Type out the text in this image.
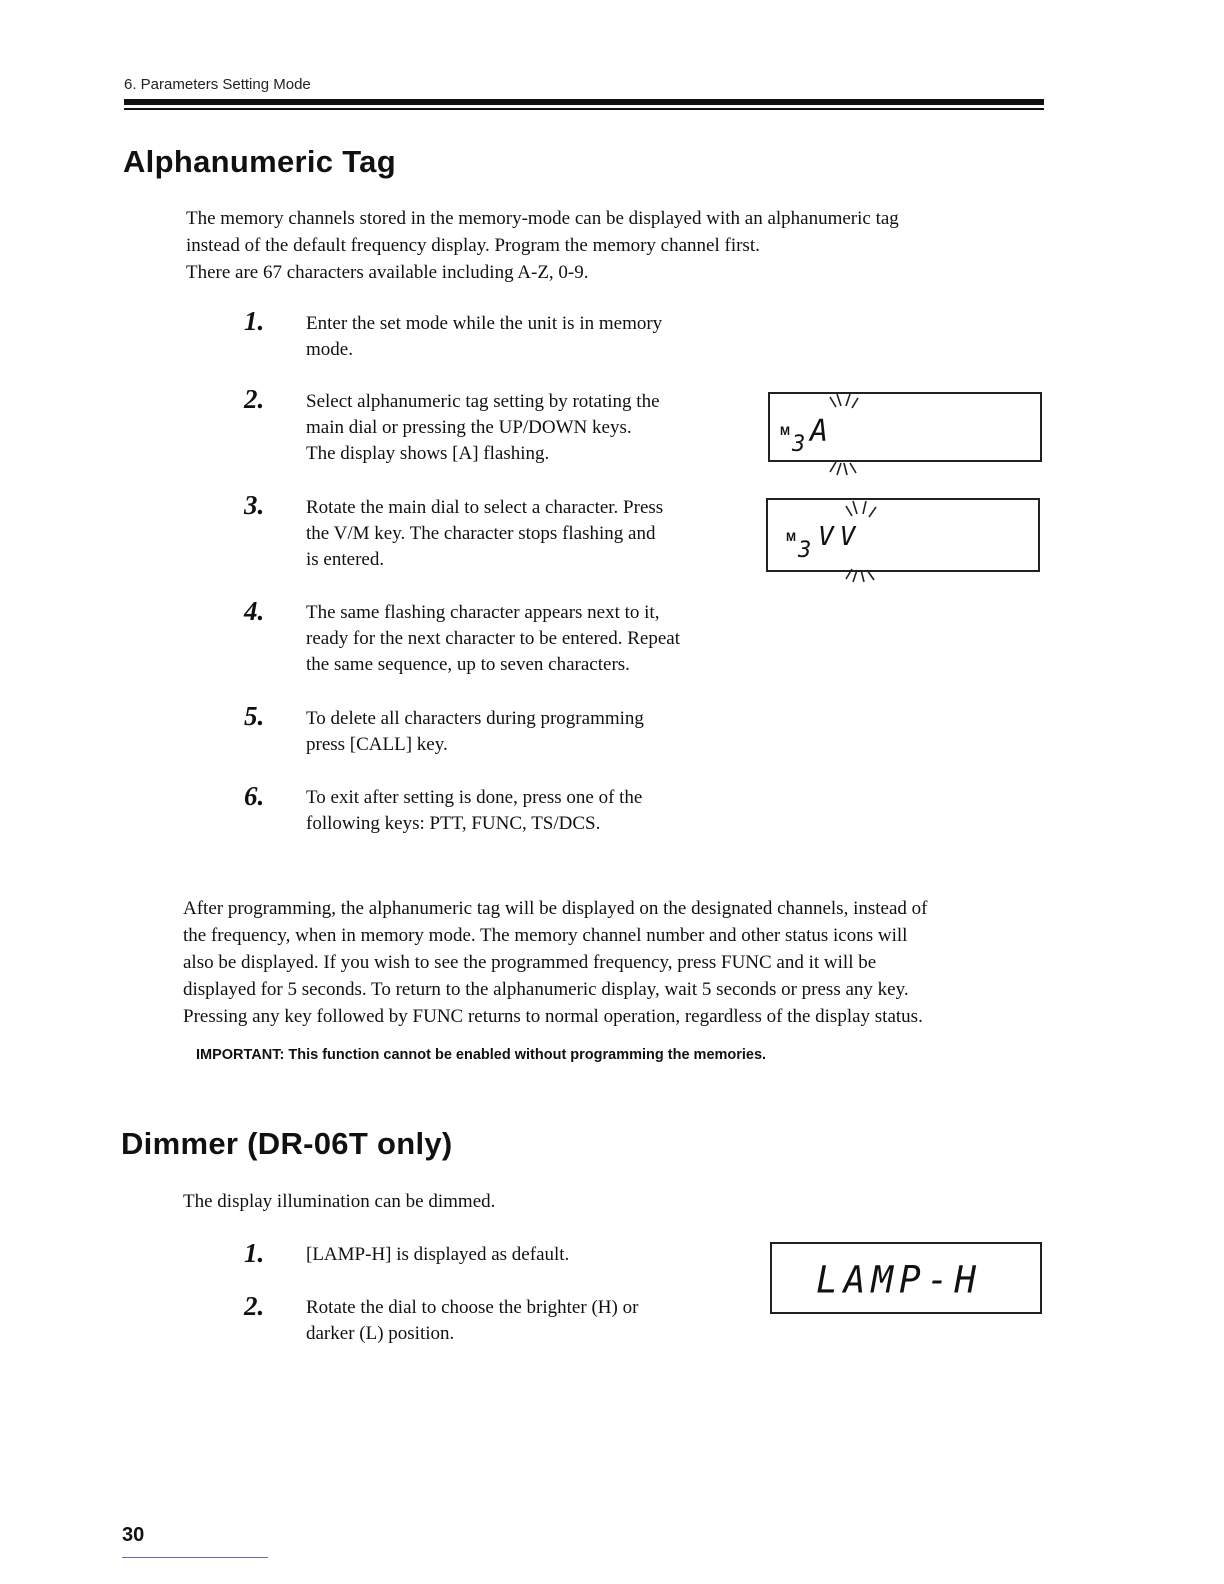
6. Parameters Setting Mode
Alphanumeric Tag
The memory channels stored in the memory-mode can be displayed with an alphanumeric tag
instead of the default frequency display. Program the memory channel first.
There are 67 characters available including A-Z, 0-9.
1. Enter the set mode while the unit is in memory
mode.
2. Select alphanumeric tag setting by rotating the
main dial or pressing the UP/DOWN keys.
The display shows [A] flashing.
M
3 A
3. Rotate the main dial to select a character. Press
the V/M key. The character stops flashing and
is entered.
M
3 VV
4. The same flashing character appears next to it,
ready for the next character to be entered. Repeat
the same sequence, up to seven characters.
5. To delete all characters during programming
press [CALL] key.
6. To exit after setting is done, press one of the
following keys: PTT, FUNC, TS/DCS.
After programming, the alphanumeric tag will be displayed on the designated channels, instead of
the frequency, when in memory mode. The memory channel number and other status icons will
also be displayed. If you wish to see the programmed frequency, press FUNC and it will be
displayed for 5 seconds. To return to the alphanumeric display, wait 5 seconds or press any key.
Pressing any key followed by FUNC returns to normal operation, regardless of the display status.
IMPORTANT: This function cannot be enabled without programming the memories.
Dimmer (DR-06T only)
The display illumination can be dimmed.
1. [LAMP-H] is displayed as default.
2. Rotate the dial to choose the brighter (H) or
darker (L) position.
LAMP-H
30
